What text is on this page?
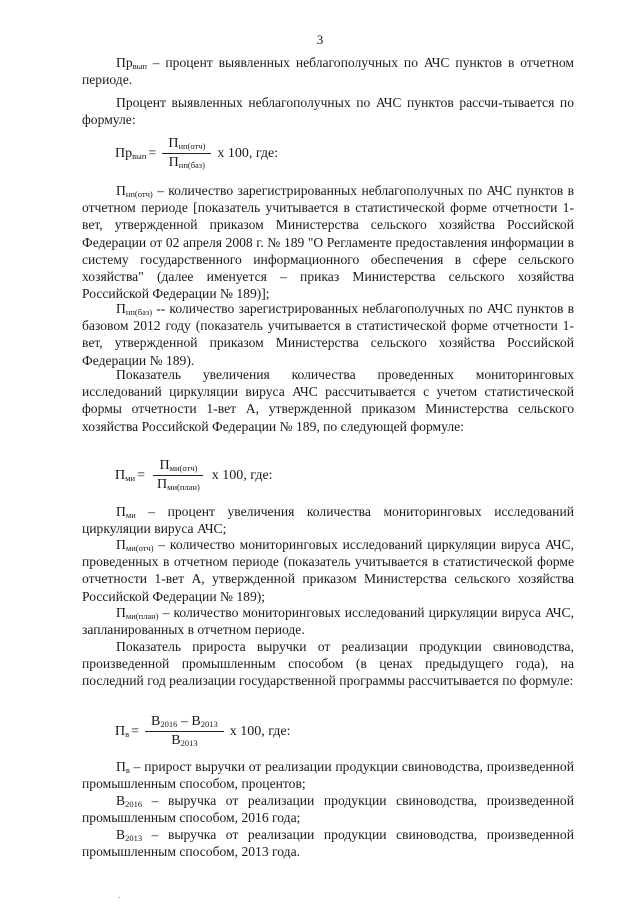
3
$Пр_{вып}$ – процент выявленных неблагополучных по АЧС пунктов в отчетном периоде.
Процент выявленных неблагополучных по АЧС пунктов рассчи-тывается по формуле:
$Пр_{вып} = \frac{П_{нп(отч)}}{П_{нп(баз)}}$ x 100, где:
$П_{нп(отч)}$ – количество зарегистрированных неблагополучных по АЧС пунктов в отчетном периоде [показатель учитывается в статистической форме отчетности 1-вет, утвержденной приказом Министерства сельского хозяйства Российской Федерации от 02 апреля 2008 г. № 189 "О Регламенте предоставления информации в систему государственного информационного обеспечения в сфере сельского хозяйства" (далее именуется – приказ Министерства сельского хозяйства Российской Федерации № 189)];
$П_{нп(баз)}$ -- количество зарегистрированных неблагополучных по АЧС пунктов в базовом 2012 году (показатель учитывается в статистической форме отчетности 1-вет, утвержденной приказом Министерства сельского хозяйства Российской Федерации № 189).
Показатель увеличения количества проведенных мониторинговых исследований циркуляции вируса АЧС рассчитывается с учетом статистической формы отчетности 1-вет А, утвержденной приказом Министерства сельского хозяйства Российской Федерации № 189, по следующей формуле:
$П_{ми} = \frac{П_{ми(отч)}}{П_{ми(план)}}$ x 100, где:
$П_{ми}$ – процент увеличения количества мониторинговых исследований циркуляции вируса АЧС;
$П_{ми(отч)}$ – количество мониторинговых исследований циркуляции вируса АЧС, проведенных в отчетном периоде (показатель учитывается в статистической форме отчетности 1-вет А, утвержденной приказом Министерства сельского хозяйства Российской Федерации № 189);
$П_{ми(план)}$ – количество мониторинговых исследований циркуляции вируса АЧС, запланированных в отчетном периоде.
Показатель прироста выручки от реализации продукции свиноводства, произведенной промышленным способом (в ценах предыдущего года), на последний год реализации государственной программы рассчитывается по формуле:
$П_в = \frac{В_{2016} - В_{2013}}{В_{2013}}$ x 100, где:
$П_в$ – прирост выручки от реализации продукции свиноводства, произведенной промышленным способом, процентов;
$В_{2016}$ – выручка от реализации продукции свиноводства, произведенной промышленным способом, 2016 года;
$В_{2013}$ – выручка от реализации продукции свиноводства, произведенной промышленным способом, 2013 года.
.
